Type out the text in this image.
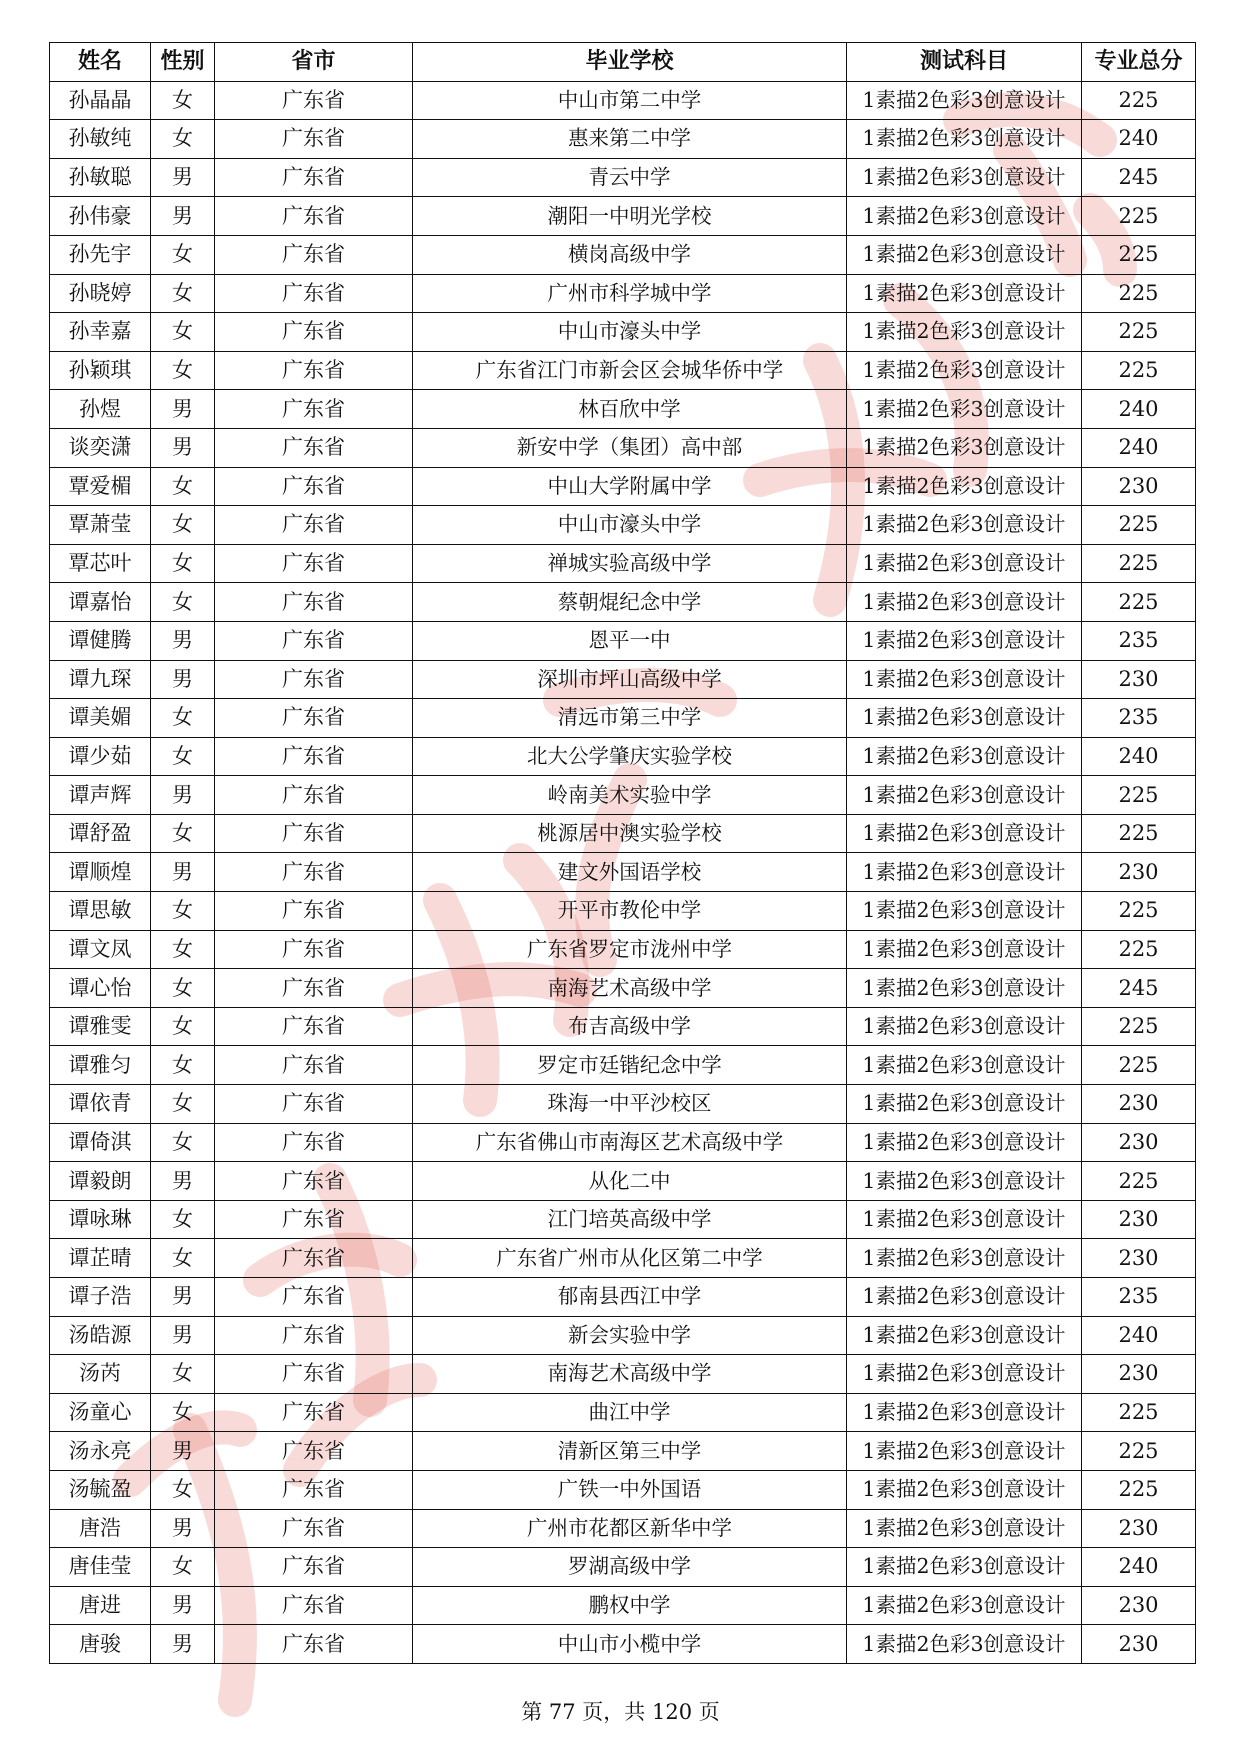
姓名	性别	省市	毕业学校	测试科目	专业总分
孙晶晶	女	广东省	中山市第二中学	1素描2色彩3创意设计	225
孙敏纯	女	广东省	惠来第二中学	1素描2色彩3创意设计	240
孙敏聪	男	广东省	青云中学	1素描2色彩3创意设计	245
孙伟豪	男	广东省	潮阳一中明光学校	1素描2色彩3创意设计	225
孙先宇	女	广东省	横岗高级中学	1素描2色彩3创意设计	225
孙晓婷	女	广东省	广州市科学城中学	1素描2色彩3创意设计	225
孙幸嘉	女	广东省	中山市濠头中学	1素描2色彩3创意设计	225
孙颖琪	女	广东省	广东省江门市新会区会城华侨中学	1素描2色彩3创意设计	225
孙煜	男	广东省	林百欣中学	1素描2色彩3创意设计	240
谈奕潇	男	广东省	新安中学（集团）高中部	1素描2色彩3创意设计	240
覃爱楣	女	广东省	中山大学附属中学	1素描2色彩3创意设计	230
覃萧莹	女	广东省	中山市濠头中学	1素描2色彩3创意设计	225
覃芯叶	女	广东省	禅城实验高级中学	1素描2色彩3创意设计	225
谭嘉怡	女	广东省	蔡朝焜纪念中学	1素描2色彩3创意设计	225
谭健腾	男	广东省	恩平一中	1素描2色彩3创意设计	235
谭九琛	男	广东省	深圳市坪山高级中学	1素描2色彩3创意设计	230
谭美媚	女	广东省	清远市第三中学	1素描2色彩3创意设计	235
谭少茹	女	广东省	北大公学肇庆实验学校	1素描2色彩3创意设计	240
谭声辉	男	广东省	岭南美术实验中学	1素描2色彩3创意设计	225
谭舒盈	女	广东省	桃源居中澳实验学校	1素描2色彩3创意设计	225
谭顺煌	男	广东省	建文外国语学校	1素描2色彩3创意设计	230
谭思敏	女	广东省	开平市教伦中学	1素描2色彩3创意设计	225
谭文凤	女	广东省	广东省罗定市泷州中学	1素描2色彩3创意设计	225
谭心怡	女	广东省	南海艺术高级中学	1素描2色彩3创意设计	245
谭雅雯	女	广东省	布吉高级中学	1素描2色彩3创意设计	225
谭雅匀	女	广东省	罗定市廷锴纪念中学	1素描2色彩3创意设计	225
谭依青	女	广东省	珠海一中平沙校区	1素描2色彩3创意设计	230
谭倚淇	女	广东省	广东省佛山市南海区艺术高级中学	1素描2色彩3创意设计	230
谭毅朗	男	广东省	从化二中	1素描2色彩3创意设计	225
谭咏琳	女	广东省	江门培英高级中学	1素描2色彩3创意设计	230
谭芷晴	女	广东省	广东省广州市从化区第二中学	1素描2色彩3创意设计	230
谭子浩	男	广东省	郁南县西江中学	1素描2色彩3创意设计	235
汤皓源	男	广东省	新会实验中学	1素描2色彩3创意设计	240
汤芮	女	广东省	南海艺术高级中学	1素描2色彩3创意设计	230
汤童心	女	广东省	曲江中学	1素描2色彩3创意设计	225
汤永亮	男	广东省	清新区第三中学	1素描2色彩3创意设计	225
汤毓盈	女	广东省	广铁一中外国语	1素描2色彩3创意设计	225
唐浩	男	广东省	广州市花都区新华中学	1素描2色彩3创意设计	230
唐佳莹	女	广东省	罗湖高级中学	1素描2色彩3创意设计	240
唐进	男	广东省	鹏权中学	1素描2色彩3创意设计	230
唐骏	男	广东省	中山市小榄中学	1素描2色彩3创意设计	230
第 77 页，共 120 页
